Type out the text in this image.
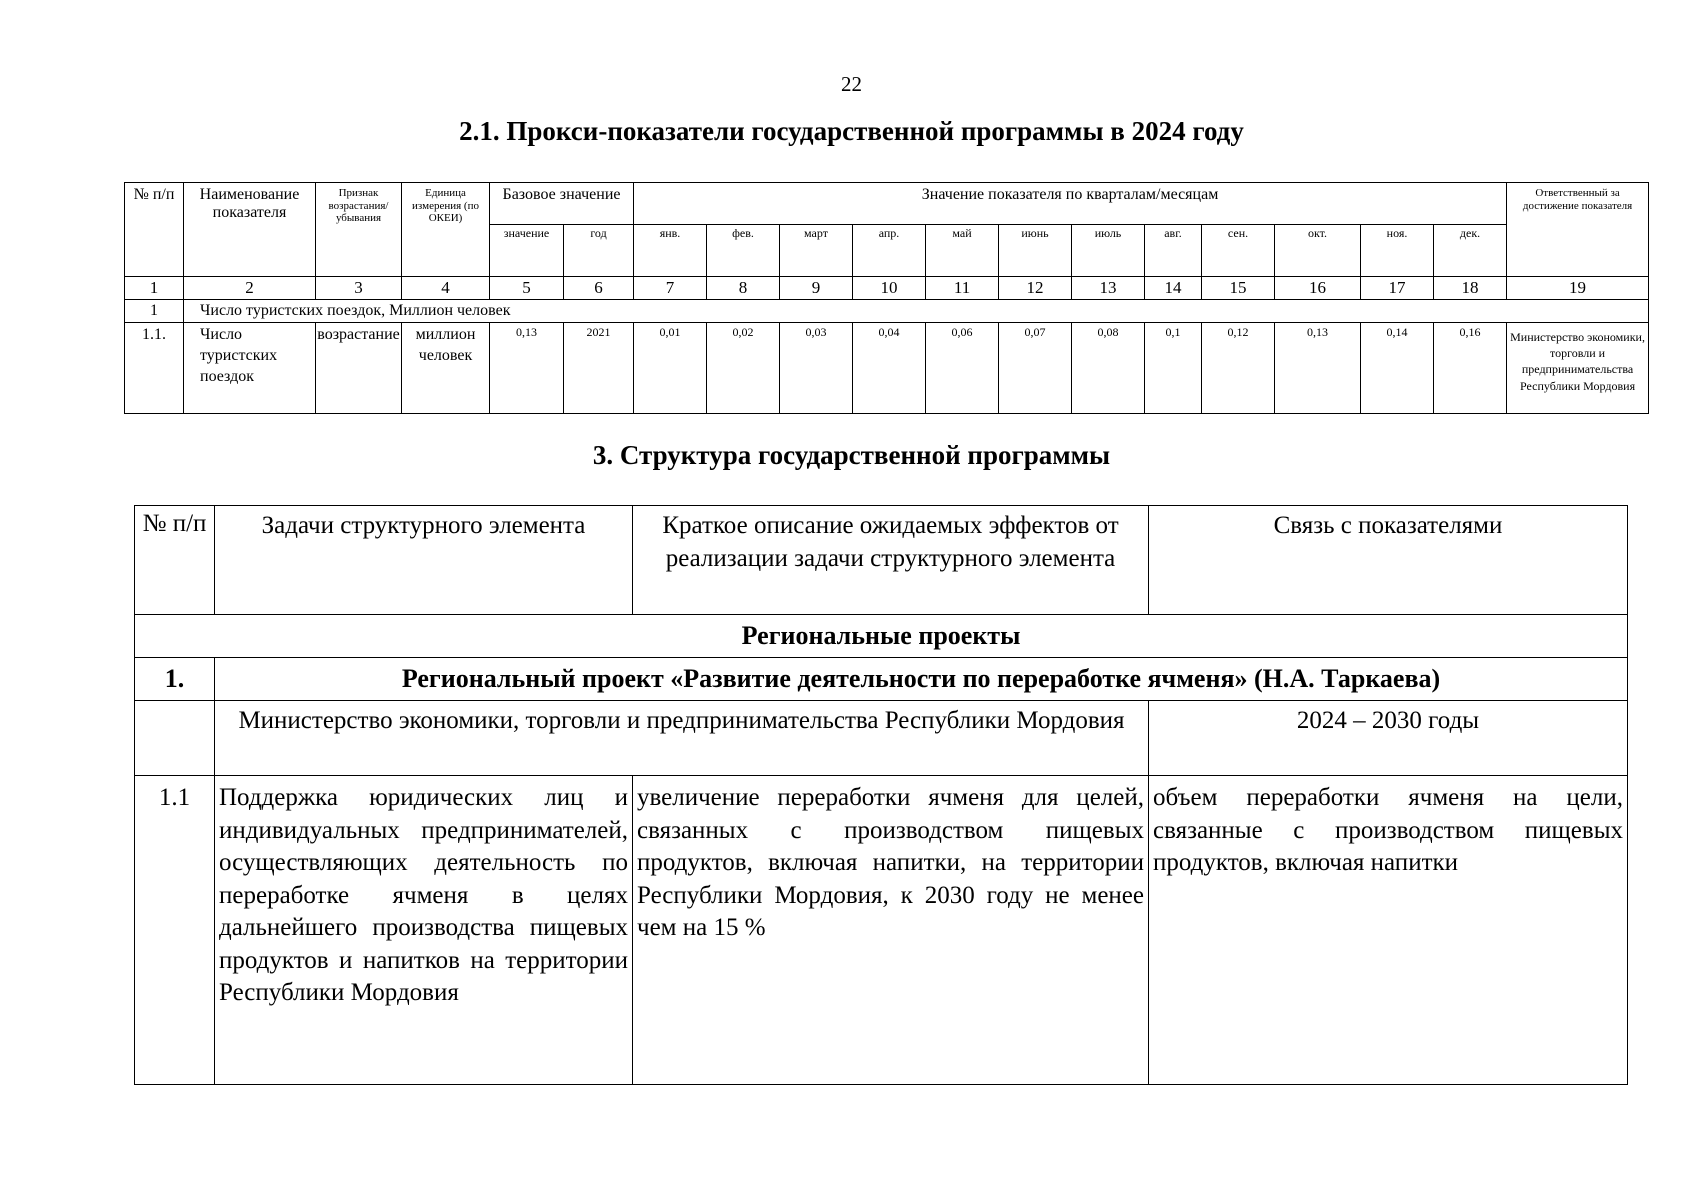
22
2.1. Прокси-показатели государственной программы в 2024 году
№ п/п	Наименование показателя	Признак возрастания/ убывания	Единица измерения (по ОКЕИ)	Базовое значение		Значение показателя по кварталам/месяцам												Ответственный за достижение показателя
				значение	год	янв.	фев.	март	апр.	май	июнь	июль	авг.	сен.	окт.	ноя.	дек.	
1	2	3	4	5	6	7	8	9	10	11	12	13	14	15	16	17	18	19
1	Число туристских поездок, Миллион человек																	
1.1.	Число туристских поездок	возрастание	миллион человек	0,13	2021	0,01	0,02	0,03	0,04	0,06	0,07	0,08	0,1	0,12	0,13	0,14	0,16	Министерство экономики, торговли и предпринимательства Республики Мордовия
3. Структура государственной программы
№ п/п	Задачи структурного элемента	Краткое описание ожидаемых эффектов от реализации задачи структурного элемента	Связь с показателями
Региональные проекты			
1.	Региональный проект «Развитие деятельности по переработке ячменя» (Н.А. Таркаева)		
	Министерство экономики, торговли и предпринимательства Республики Мордовия		2024 – 2030 годы
1.1	Поддержка юридических лиц и индивидуальных предпринимателей, осуществляющих деятельность по переработке ячменя в целях дальнейшего производства пищевых продуктов и напитков на территории Республики Мордовия	увеличение переработки ячменя для целей, связанных с производством пищевых продуктов, включая напитки, на территории Республики Мордовия, к 2030 году не менее чем на 15 %	объем переработки ячменя на цели, связанные с производством пищевых продуктов, включая напитки
